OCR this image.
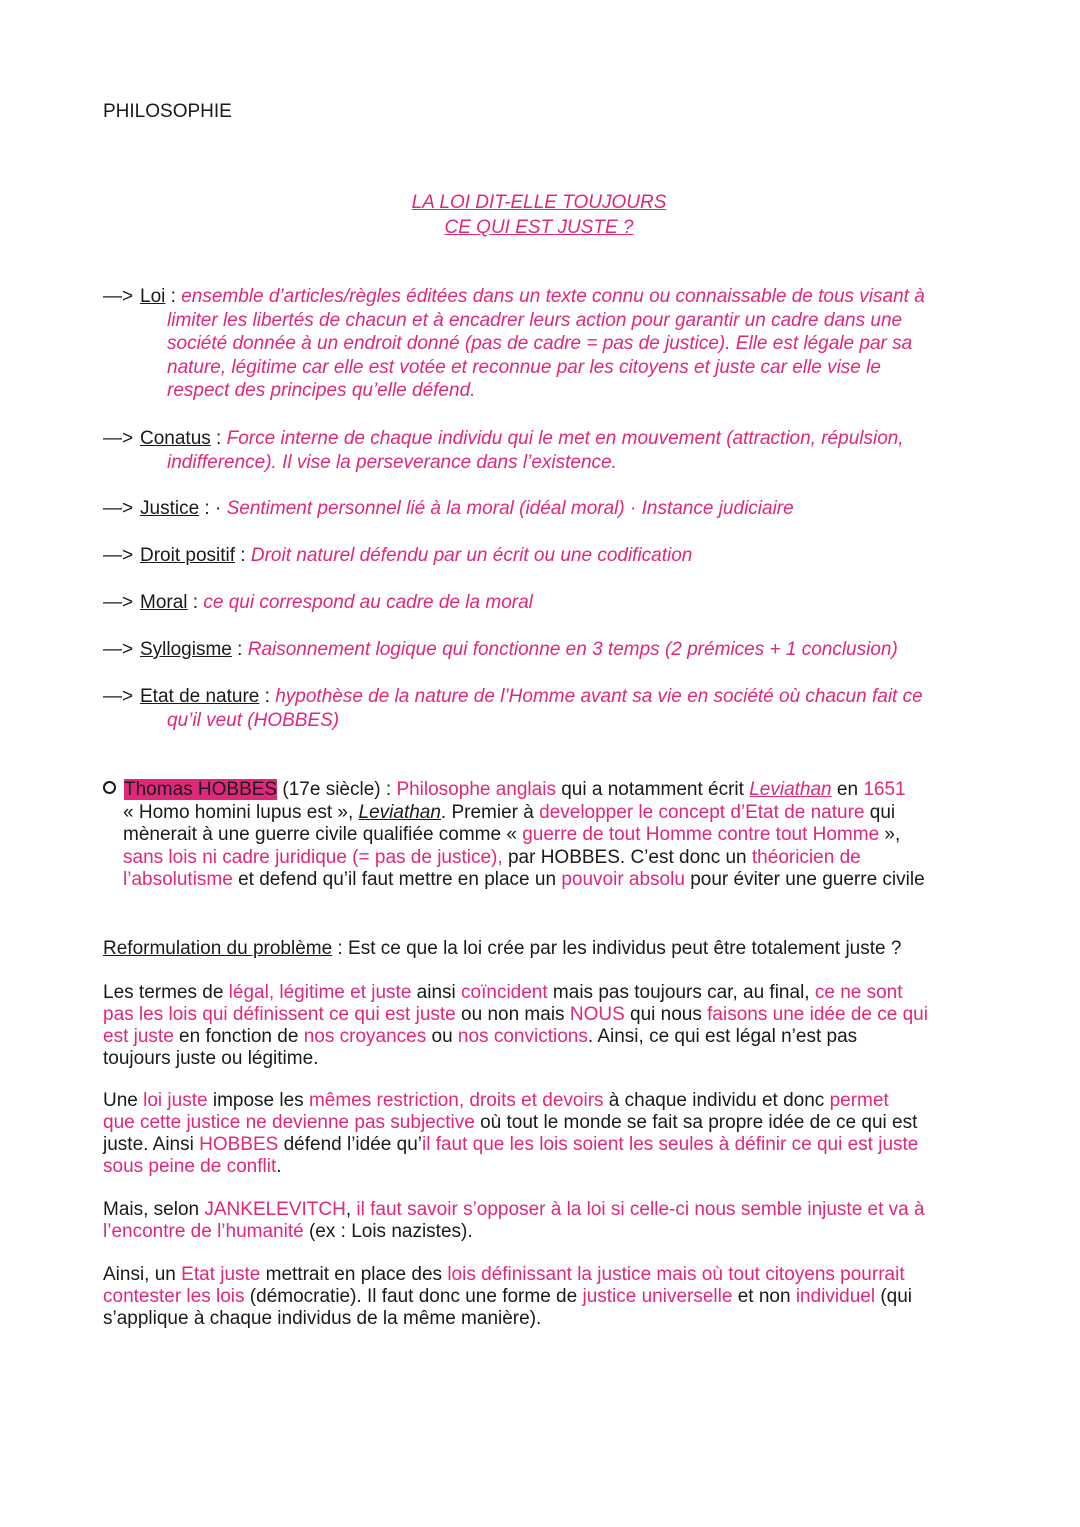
PHILOSOPHIE
LA LOI DIT-ELLE TOUJOURS
CE QUI EST JUSTE ?
—> Loi : ensemble d’articles/règles éditées dans un texte connu ou connaissable de tous visant à
limiter les libertés de chacun et à encadrer leurs action pour garantir un cadre dans une
société donnée à un endroit donné (pas de cadre = pas de justice). Elle est légale par sa
nature, légitime car elle est votée et reconnue par les citoyens et juste car elle vise le
respect des principes qu’elle défend.
—> Conatus : Force interne de chaque individu qui le met en mouvement (attraction, répulsion,
indifference). Il vise la perseverance dans l’existence.
—> Justice : · Sentiment personnel lié à la moral (idéal moral) · Instance judiciaire
—> Droit positif : Droit naturel défendu par un écrit ou une codification
—> Moral : ce qui correspond au cadre de la moral
—> Syllogisme : Raisonnement logique qui fonctionne en 3 temps (2 prémices + 1 conclusion)
—> Etat de nature : hypothèse de la nature de l’Homme avant sa vie en société où chacun fait ce
qu’il veut (HOBBES)
Thomas HOBBES (17e siècle) : Philosophe anglais qui a notamment écrit Leviathan en 1651
« Homo homini lupus est », Leviathan. Premier à developper le concept d’Etat de nature qui
mènerait à une guerre civile qualifiée comme « guerre de tout Homme contre tout Homme »,
sans lois ni cadre juridique (= pas de justice), par HOBBES. C’est donc un théoricien de
l’absolutisme et defend qu’il faut mettre en place un pouvoir absolu pour éviter une guerre civile
Reformulation du problème : Est ce que la loi crée par les individus peut être totalement juste ?
Les termes de légal, légitime et juste ainsi coïncident mais pas toujours car, au final, ce ne sont
pas les lois qui définissent ce qui est juste ou non mais NOUS qui nous faisons une idée de ce qui
est juste en fonction de nos croyances ou nos convictions. Ainsi, ce qui est légal n’est pas
toujours juste ou légitime.
Une loi juste impose les mêmes restriction, droits et devoirs à chaque individu et donc permet
que cette justice ne devienne pas subjective où tout le monde se fait sa propre idée de ce qui est
juste. Ainsi HOBBES défend l’idée qu’il faut que les lois soient les seules à définir ce qui est juste
sous peine de conflit.
Mais, selon JANKELEVITCH, il faut savoir s’opposer à la loi si celle-ci nous semble injuste et va à
l’encontre de l’humanité (ex : Lois nazistes).
Ainsi, un Etat juste mettrait en place des lois définissant la justice mais où tout citoyens pourrait
contester les lois (démocratie). Il faut donc une forme de justice universelle et non individuel (qui
s’applique à chaque individus de la même manière).
